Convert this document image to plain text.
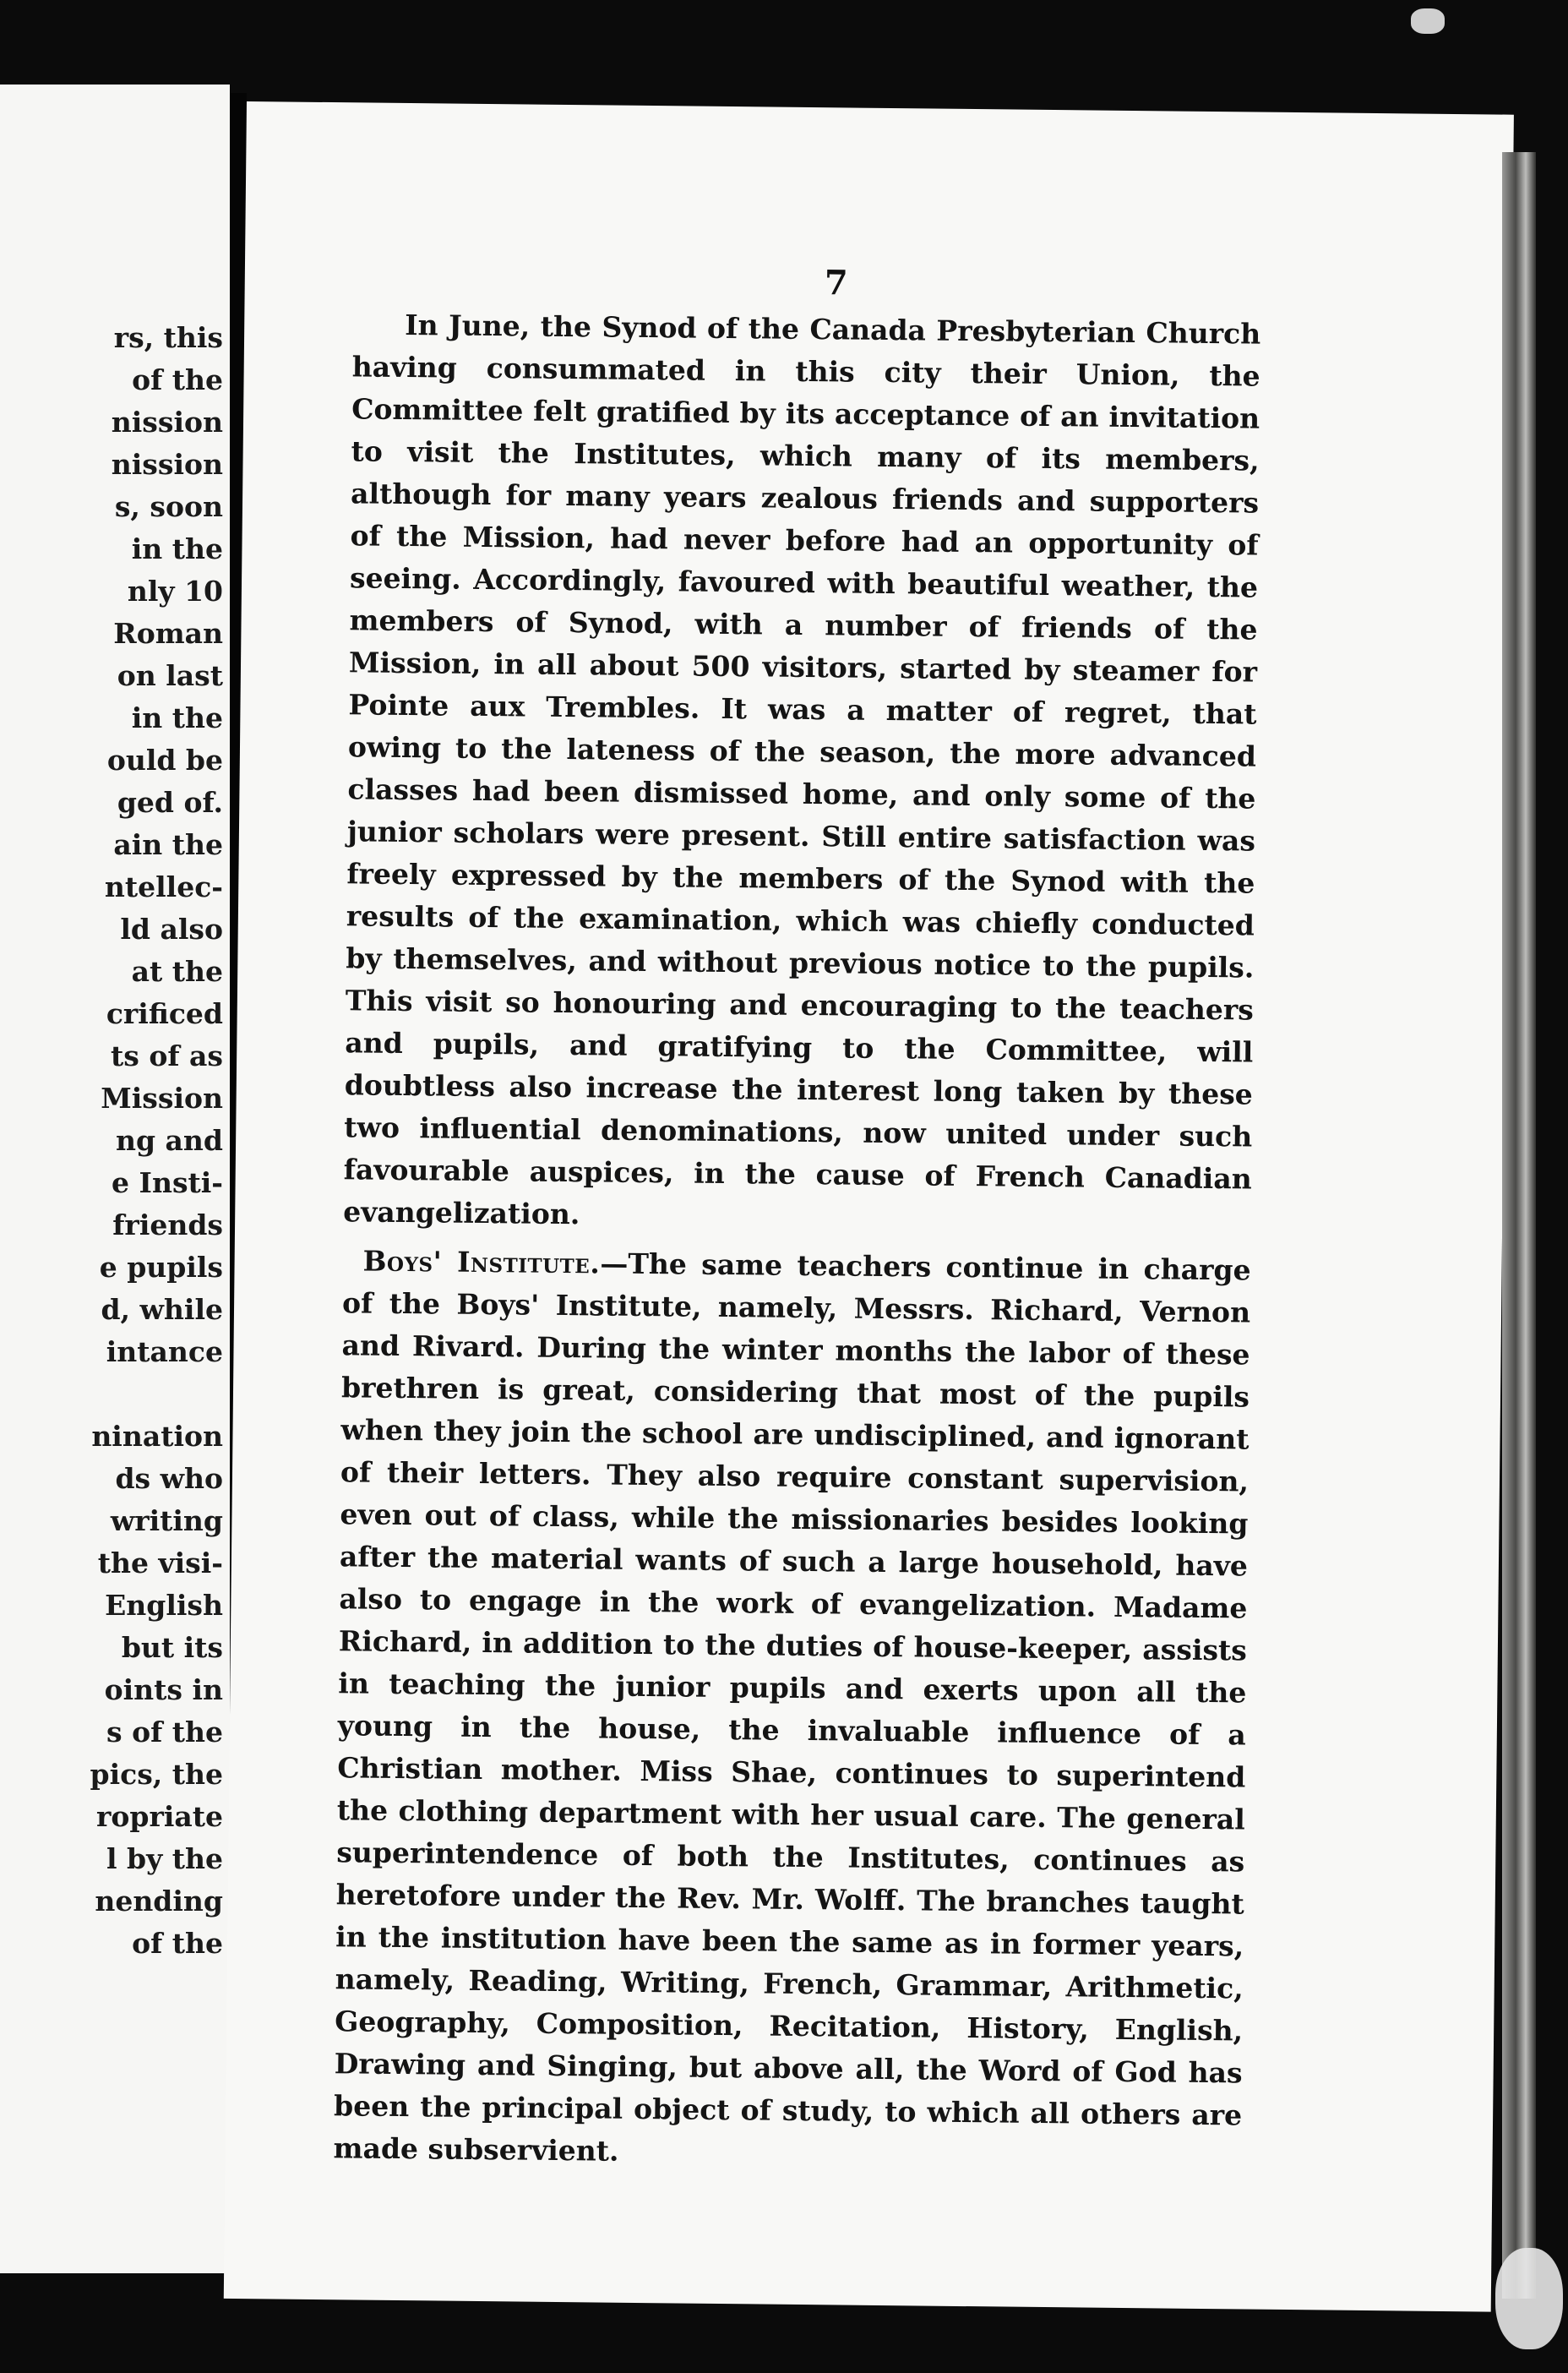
rs, this
of the
nission
nission
s, soon
in the
nly 10
Roman
on last
in the
ould be
ged of.
ain the
ntellec-
ld also
at the
crificed
ts of as
Mission
ng and
e Insti-
friends
e pupils
d, while
intance
nination
ds who
writing
the visi-
English
but its
oints in
s of the
pics, the
ropriate
l by the
nending
of the
7

In June, the Synod of the Canada Presbyterian Church having consummated in this city their Union, the Committee felt gratified by its acceptance of an invitation to visit the Institutes, which many of its members, although for many years zealous friends and supporters of the Mission, had never before had an opportunity of seeing. Accordingly, favoured with beautiful weather, the members of Synod, with a number of friends of the Mission, in all about 500 visitors, started by steamer for Pointe aux Trembles. It was a matter of regret, that owing to the lateness of the season, the more advanced classes had been dismissed home, and only some of the junior scholars were present. Still entire satisfaction was freely expressed by the members of the Synod with the results of the examination, which was chiefly conducted by themselves, and without previous notice to the pupils. This visit so honouring and encouraging to the teachers and pupils, and gratifying to the Committee, will doubtless also increase the interest long taken by these two influential denominations, now united under such favourable auspices, in the cause of French Canadian evangelization.

Boys' Institute.—The same teachers continue in charge of the Boys' Institute, namely, Messrs. Richard, Vernon and Rivard. During the winter months the labor of these brethren is great, considering that most of the pupils when they join the school are undisciplined, and ignorant of their letters. They also require constant supervision, even out of class, while the missionaries besides looking after the material wants of such a large household, have also to engage in the work of evangelization. Madame Richard, in addition to the duties of house-keeper, assists in teaching the junior pupils and exerts upon all the young in the house, the invaluable influence of a Christian mother. Miss Shae, continues to superintend the clothing department with her usual care. The general superintendence of both the Institutes, continues as heretofore under the Rev. Mr. Wolff. The branches taught in the institution have been the same as in former years, namely, Reading, Writing, French, Grammar, Arithmetic, Geography, Composition, Recitation, History, English, Drawing and Singing, but above all, the Word of God has been the principal object of study, to which all others are made subservient.
